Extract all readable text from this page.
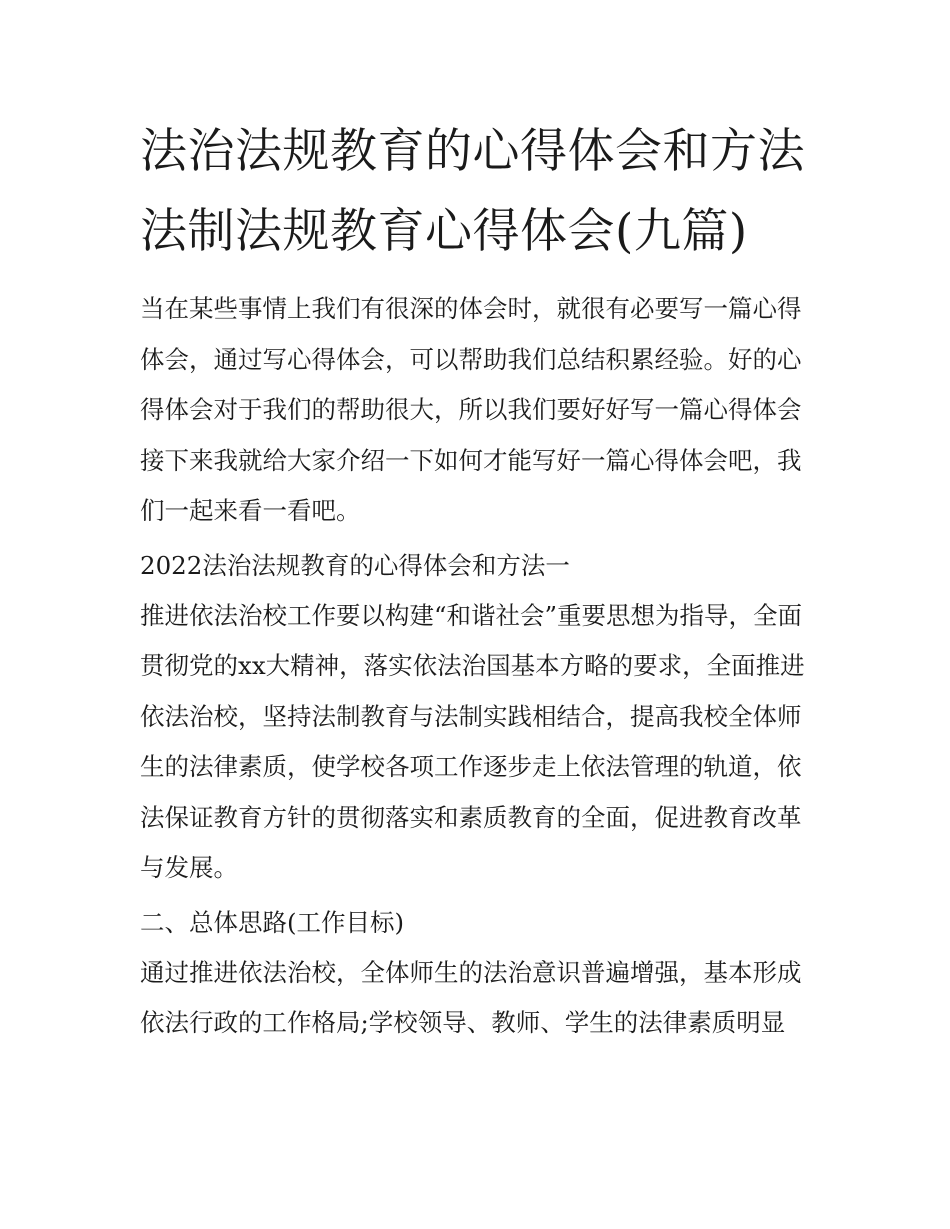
法治法规教育的心得体会和方法 法制法规教育心得体会(九篇)

当在某些事情上我们有很深的体会时，就很有必要写一篇心得体会，通过写心得体会，可以帮助我们总结积累经验。好的心得体会对于我们的帮助很大，所以我们要好好写一篇心得体会接下来我就给大家介绍一下如何才能写好一篇心得体会吧，我们一起来看一看吧。

2022法治法规教育的心得体会和方法一

推进依法治校工作要以构建“和谐社会”重要思想为指导，全面贯彻党的xx大精神，落实依法治国基本方略的要求，全面推进依法治校，坚持法制教育与法制实践相结合，提高我校全体师生的法律素质，使学校各项工作逐步走上依法管理的轨道，依法保证教育方针的贯彻落实和素质教育的全面，促进教育改革与发展。

二、总体思路(工作目标)

通过推进依法治校，全体师生的法治意识普遍增强，基本形成依法行政的工作格局;学校领导、教师、学生的法律素质明显
